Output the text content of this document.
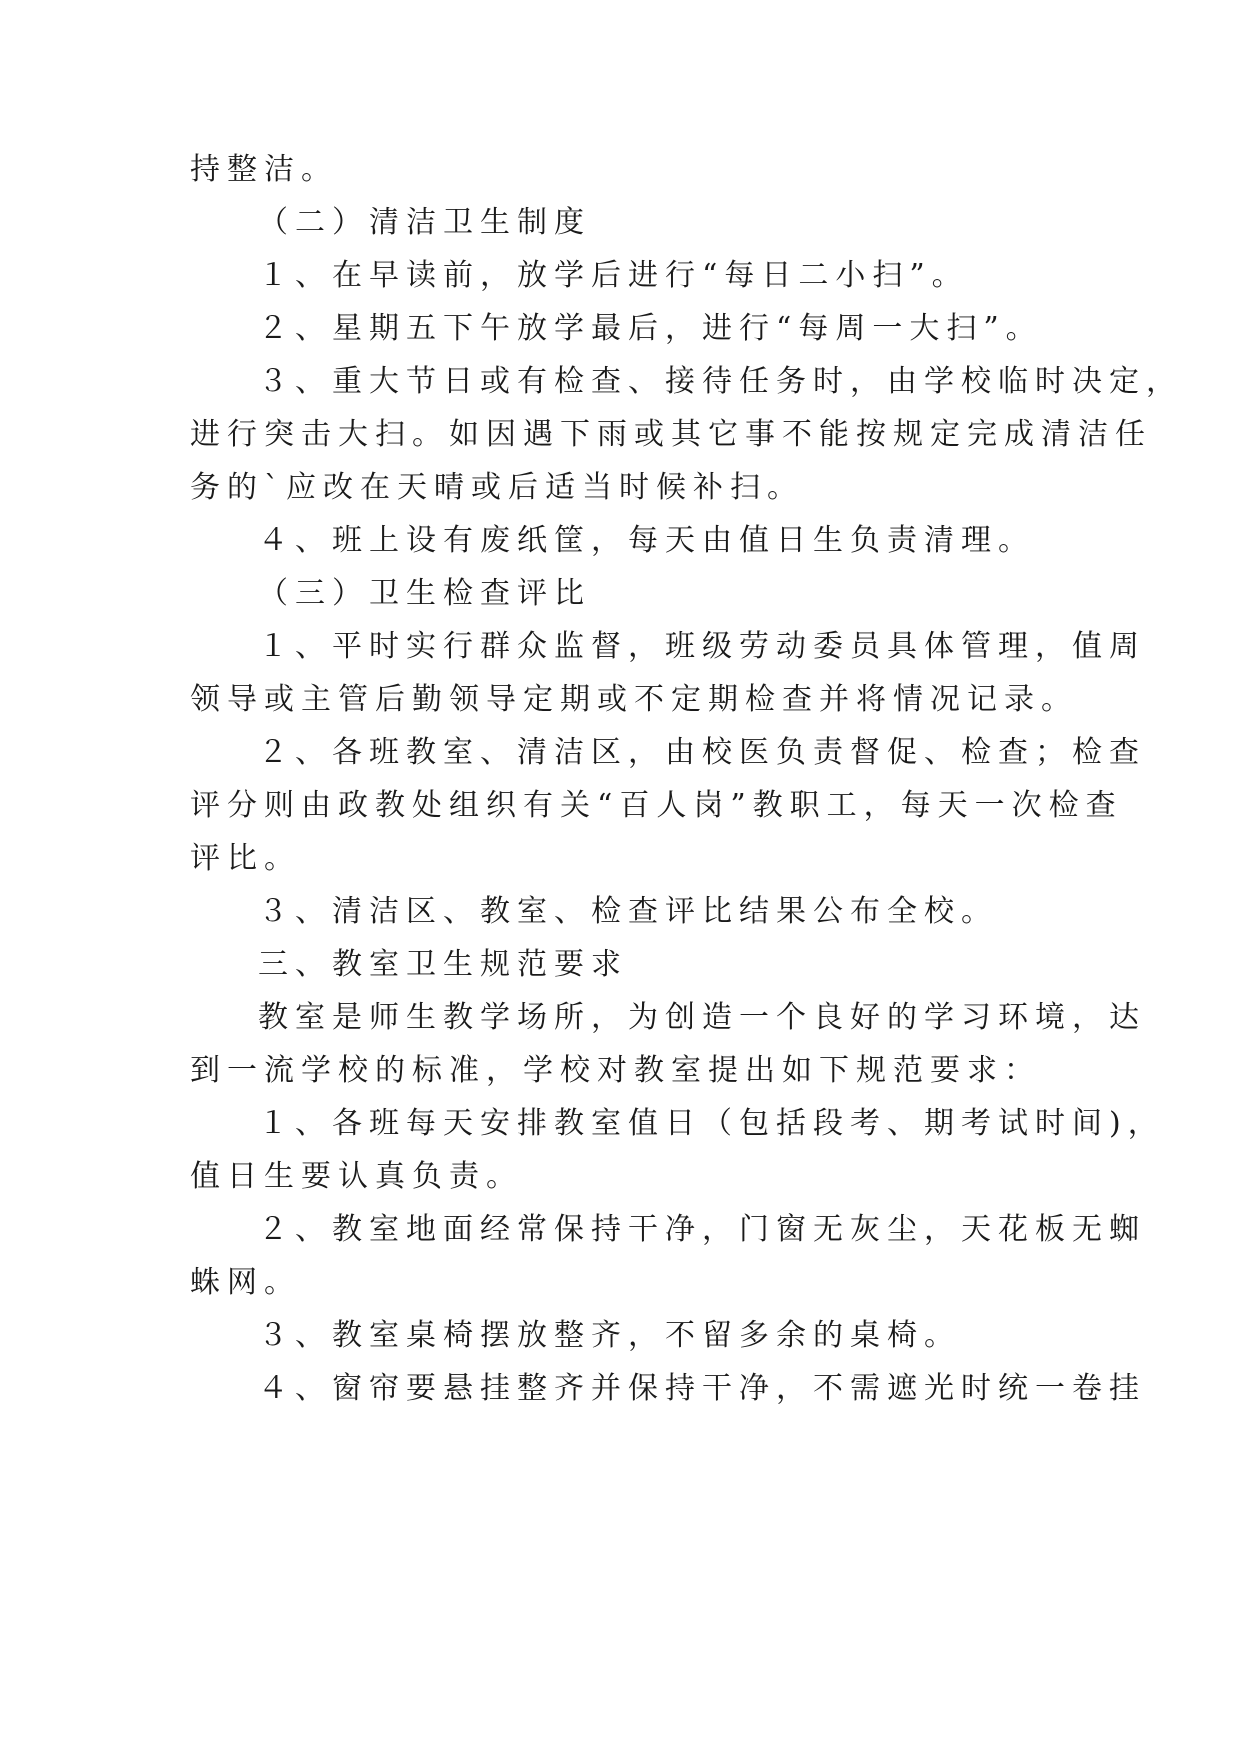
持整洁。
（二）清洁卫生制度
１、在早读前，放学后进行“每日二小扫”。
２、星期五下午放学最后，进行“每周一大扫”。
３、重大节日或有检查、接待任务时，由学校临时决定，
进行突击大扫。如因遇下雨或其它事不能按规定完成清洁任
务的`应改在天晴或后适当时候补扫。
４、班上设有废纸筐，每天由值日生负责清理。
（三）卫生检查评比
１、平时实行群众监督，班级劳动委员具体管理，值周
领导或主管后勤领导定期或不定期检查并将情况记录。
２、各班教室、清洁区，由校医负责督促、检查；检查
评分则由政教处组织有关“百人岗”教职工，每天一次检查
评比。
３、清洁区、教室、检查评比结果公布全校。
三、教室卫生规范要求
教室是师生教学场所，为创造一个良好的学习环境，达
到一流学校的标准，学校对教室提出如下规范要求：
１、各班每天安排教室值日（包括段考、期考试时间)，
值日生要认真负责。
２、教室地面经常保持干净，门窗无灰尘，天花板无蜘
蛛网。
３、教室桌椅摆放整齐，不留多余的桌椅。
４、窗帘要悬挂整齐并保持干净，不需遮光时统一卷挂
